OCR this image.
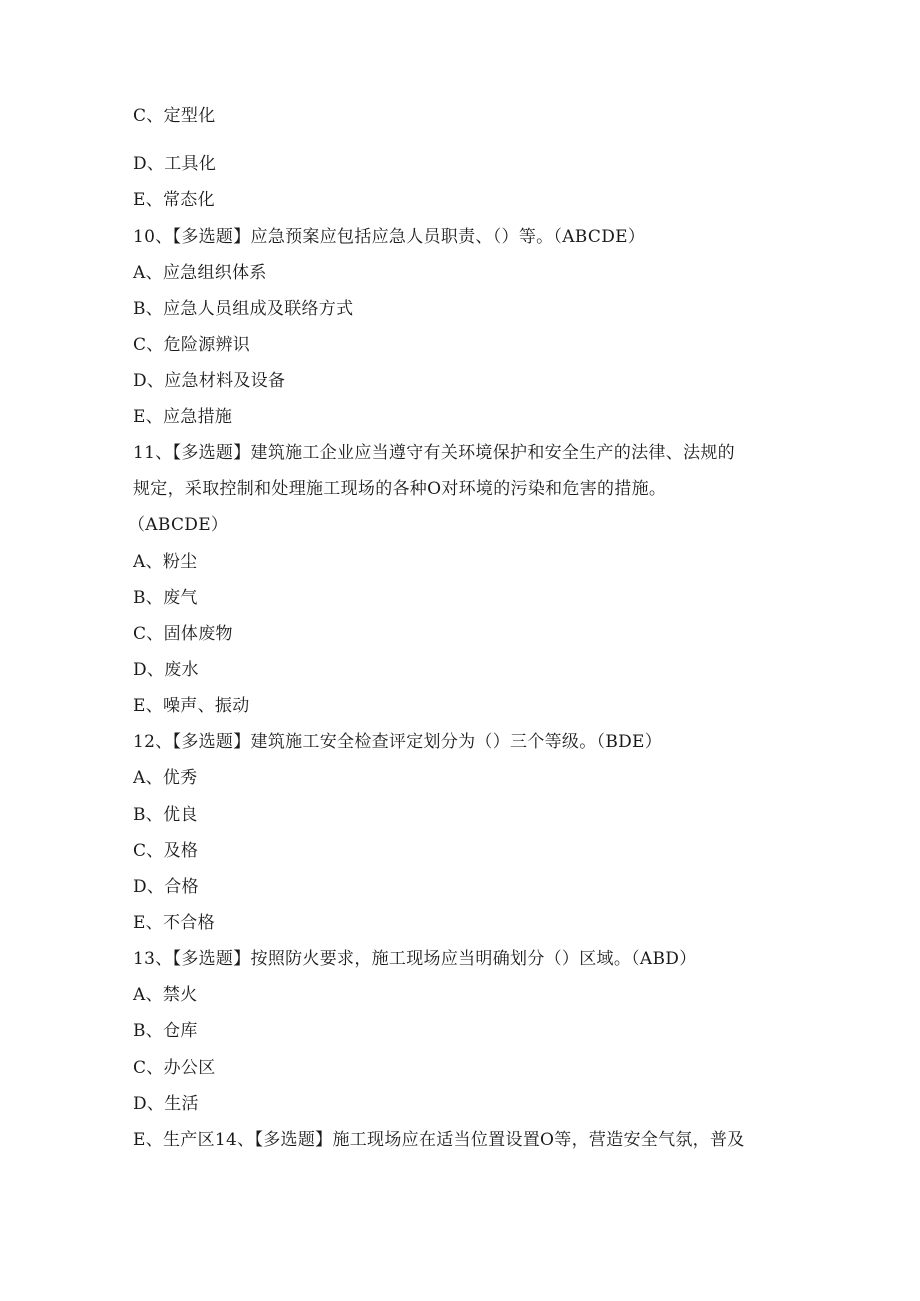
C、定型化
D、工具化
E、常态化
10、【多选题】应急预案应包括应急人员职责、（）等。（ABCDE）
A、应急组织体系
B、应急人员组成及联络方式
C、危险源辨识
D、应急材料及设备
E、应急措施
11、【多选题】建筑施工企业应当遵守有关环境保护和安全生产的法律、法规的
规定，采取控制和处理施工现场的各种O对环境的污染和危害的措施。
（ABCDE）
A、粉尘
B、废气
C、固体废物
D、废水
E、噪声、振动
12、【多选题】建筑施工安全检查评定划分为（）三个等级。（BDE）
A、优秀
B、优良
C、及格
D、合格
E、不合格
13、【多选题】按照防火要求，施工现场应当明确划分（）区域。（ABD）
A、禁火
B、仓库
C、办公区
D、生活
E、生产区14、【多选题】施工现场应在适当位置设置O等，营造安全气氛，普及
